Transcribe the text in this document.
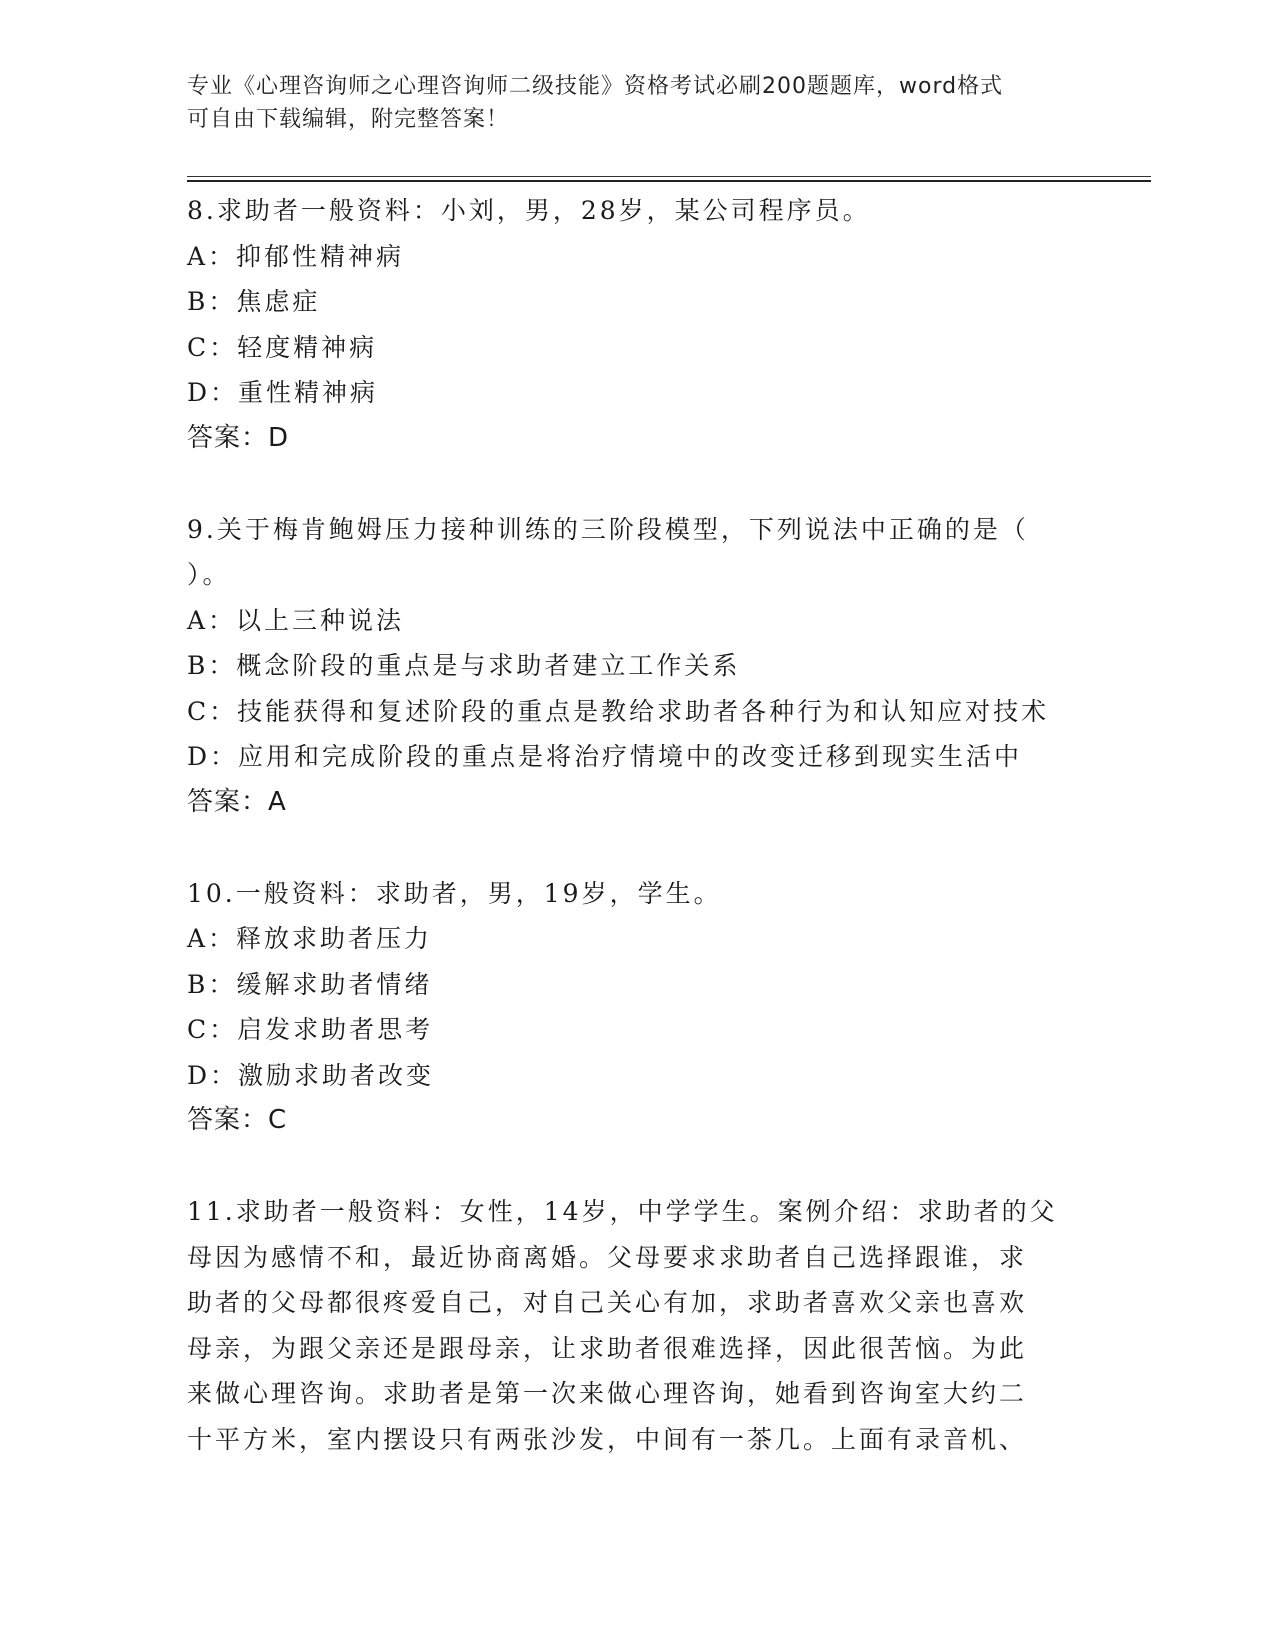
专业《心理咨询师之心理咨询师二级技能》资格考试必刷200题题库，word格式
可自由下载编辑，附完整答案！
8.求助者一般资料：小刘，男，28岁，某公司程序员。
A：抑郁性精神病
B：焦虑症
C：轻度精神病
D：重性精神病
答案：D
9.关于梅肯鲍姆压力接种训练的三阶段模型，下列说法中正确的是（
）。
A：以上三种说法
B：概念阶段的重点是与求助者建立工作关系
C：技能获得和复述阶段的重点是教给求助者各种行为和认知应对技术
D：应用和完成阶段的重点是将治疗情境中的改变迁移到现实生活中
答案：A
10.一般资料：求助者，男，19岁，学生。
A：释放求助者压力
B：缓解求助者情绪
C：启发求助者思考
D：激励求助者改变
答案：C
11.求助者一般资料：女性，14岁，中学学生。案例介绍：求助者的父
母因为感情不和，最近协商离婚。父母要求求助者自己选择跟谁，求
助者的父母都很疼爱自己，对自己关心有加，求助者喜欢父亲也喜欢
母亲，为跟父亲还是跟母亲，让求助者很难选择，因此很苦恼。为此
来做心理咨询。求助者是第一次来做心理咨询，她看到咨询室大约二
十平方米，室内摆设只有两张沙发，中间有一茶几。上面有录音机、
